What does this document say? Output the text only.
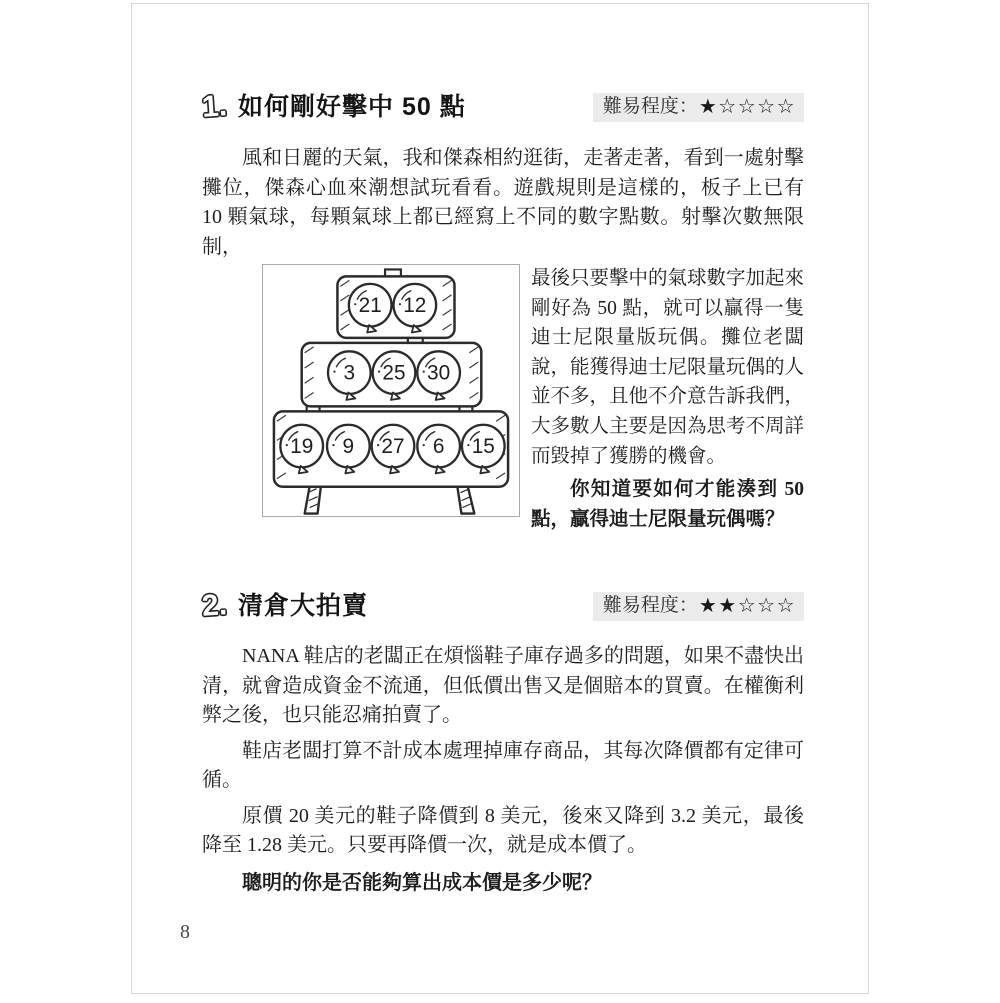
1. 如何剛好擊中 50 點	難易程度： ★☆☆☆☆

風和日麗的天氣，我和傑森相約逛街，走著走著，看到一處射擊攤位，傑森心血來潮想試玩看看。遊戲規則是這樣的，板子上已有 10 顆氣球，每顆氣球上都已經寫上不同的數字點數。射擊次數無限制，

21 12
3 25 30
19 9 27 6 15

最後只要擊中的氣球數字加起來剛好為 50 點，就可以贏得一隻迪士尼限量版玩偶。攤位老闆說，能獲得迪士尼限量玩偶的人並不多，且他不介意告訴我們，大多數人主要是因為思考不周詳而毀掉了獲勝的機會。

你知道要如何才能湊到 50 點，贏得迪士尼限量玩偶嗎？

2. 清倉大拍賣	難易程度： ★★☆☆☆

NANA 鞋店的老闆正在煩惱鞋子庫存過多的問題，如果不盡快出清，就會造成資金不流通，但低價出售又是個賠本的買賣。在權衡利弊之後，也只能忍痛拍賣了。

鞋店老闆打算不計成本處理掉庫存商品，其每次降價都有定律可循。

原價 20 美元的鞋子降價到 8 美元，後來又降到 3.2 美元，最後降至 1.28 美元。只要再降價一次，就是成本價了。

聰明的你是否能夠算出成本價是多少呢？

8
